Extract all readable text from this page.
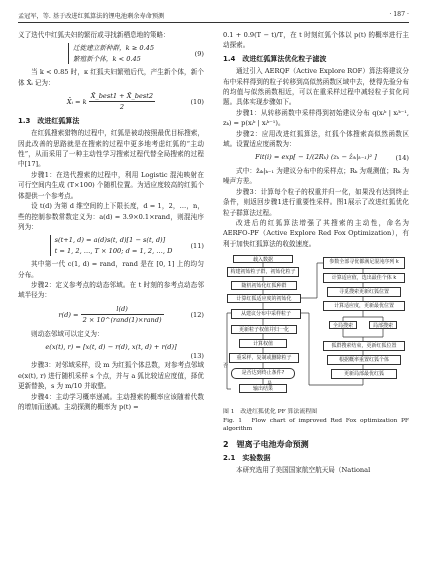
孟冠军，等. 基于改进红狐算法的锂电池剩余寿命预测	· 187 ·

义了迭代中红狐夫妇的繁衍或寻找新栖息地的策略：

迁徙建立新种群，k ≥ 0.45
繁殖新个体，k < 0.45
(9)

当 k < 0.85 时，κ 红狐夫妇繁殖后代，产生新个体，新个体 X̄ᵢ 记为：

X̄ᵢ = k $\frac{\text{X̄\_best1 + X̄\_best2}}{2}$	(10)
1.3　改进红狐算法

在红狐搜索猎物的过程中，红狐是被动按照最优目标搜索，因此改善的思路就是在搜索的过程中更多地考虑红狐的“主动性”，从而采用了一种主动性学习搜索过程代替全局搜索的过程中[17]。

步骤1：在迭代搜索的过程中，利用 Logistic 混沌映射在可行空间内生成 (T×100) 个随机位置。为适应度较高的红狐个体提供一个参考点。

设 t(d) 为第 d 维空间的上下限长度，d = 1，2，…，n，些的控制参数常数定义为：a(d) = 3.9×0.1×rand，则混沌序列为：

s(t+1, d) = a(d)s(t, d)[1 − s(t, d)]
t = 1, 2, …, T × 100; d = 1, 2, …, D
(11)

其中第一代 c(1, d) = rand，rand 是在 [0, 1] 上的均匀分布。

步骤2：定义参考点的动态邻域。在 t 时刻的参考点动态邻域半径为：

$r(d) = \frac{l(d)}{\text{2 × 10\textasciicircum{}(rand(1)×rand)}}$	(12)

则动态邻域可以定义为：

e(x(t), r) = [x(t, d) − r(d), x(t, d) + r(d)]
(13)

步骤3：对邻域采样，设 m 为红狐个体总数，对参考点邻域 e(x(t), r) 进行随机采样 s 个点，并与 a 狐比较适应度值，择优更新替换，s 为 m/10 并取整。

步骤4：主动学习概率递减。主动搜索的概率应该随着代数的增加而递减。主动探测的概率为 p(t) =

0.1 + 0.9(T − t)/T，在 t 时刻红狐个体以 p(t) 的概率进行主动探索。

1.4　改进红狐算法优化粒子滤波

通过引入 AERQF（Active Explore ROF）算法将建议分布中采样得到的粒子转移到高似然函数区域中去，使得先验分布的均值与似然函数相近，可以在重采样过程中减轻粒子贫化问题。具体实现步骤如下。

步骤1：从转移函数中采样得到初始建议分布 q(xᵢᵏ | xᵢᵏ⁻¹, zₖ) = p(xᵢᵏ | xᵢᵏ⁻¹)。

步骤2：应用改进红狐算法，红狐个体搜索高似然函数区域。设置适应度函数为：

Fit(i) = exp[ − 1/(2Rₖ) (zₖ − ẑᵢₖ|ₖ₋₁)² ]	(14)

式中：ẑᵢₖ|ₖ₋₁ 为建议分布中的采样点；Rₖ 为观测值；Rₖ 为噪声方差。

步骤3：计算每个粒子的权重并归一化，如果没有达到终止条件，则返回步骤1进行重要性采样。图1展示了改进红狐优化粒子群算法过程。

改进后的红狐算法增强了其搜索的主动性，命名为 AERFO-PF（Active Explore Red Fox Optimization），有利于加快红狐算法的收敛速度。

载入数据
构建初始粒子群，初始化粒子
随机初始化红狐种群
计算红狐适应度的初始化
从建议分布中采样粒子
更新粒子权值并归一化
计算权值
重采样，复制或删除粒子
是否达到终止条件?
输出结果
是
否
参数全部寻优都满足混沌序列 k
计算适应值，选出最佳个体 k
寻觅搜索更新红狐位置
计算适应度，更新最优位置
全局搜索	局部搜索
狐群搜索结束，更新红狐位置
根据概率重置红狐个体
更新局部最优红狐

图 1　改进红狐优化 PF 算法流程图

Fig. 1　Flow chart of improved Red Fox optimization PF algorithm

2　锂离子电池寿命预测
2.1　实验数据

本研究选用了美国国家航空航天局（National
